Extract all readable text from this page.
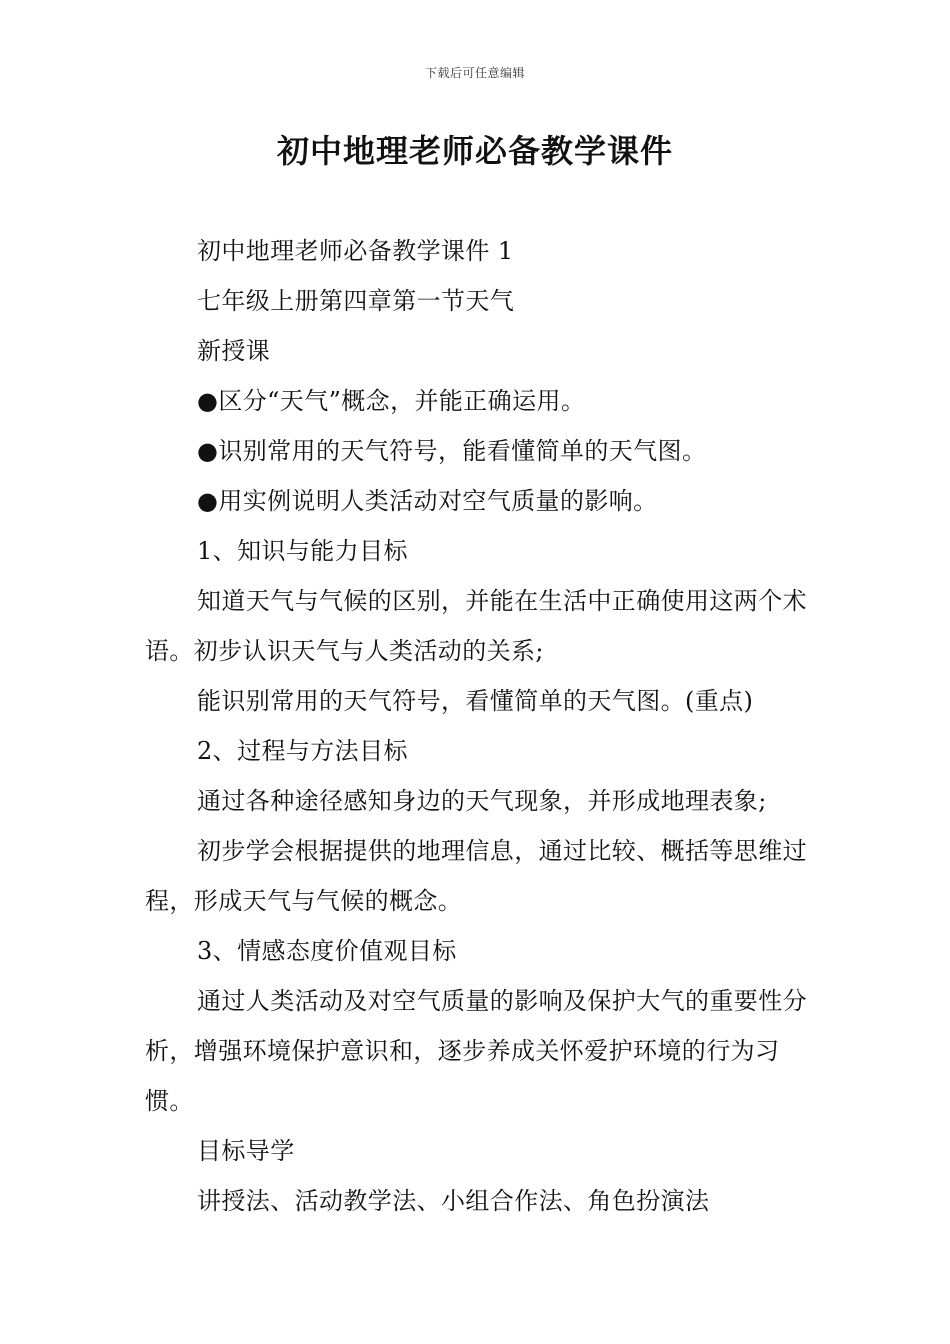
下载后可任意编辑
初中地理老师必备教学课件

初中地理老师必备教学课件 1

七年级上册第四章第一节天气

新授课

●区分“天气”概念，并能正确运用。

●识别常用的天气符号，能看懂简单的天气图。

●用实例说明人类活动对空气质量的影响。

1、知识与能力目标

知道天气与气候的区别，并能在生活中正确使用这两个术语。初步认识天气与人类活动的关系;

能识别常用的天气符号，看懂简单的天气图。(重点)

2、过程与方法目标

通过各种途径感知身边的天气现象，并形成地理表象;

初步学会根据提供的地理信息，通过比较、概括等思维过程，形成天气与气候的概念。

3、情感态度价值观目标

通过人类活动及对空气质量的影响及保护大气的重要性分析，增强环境保护意识和，逐步养成关怀爱护环境的行为习惯。

目标导学

讲授法、活动教学法、小组合作法、角色扮演法
